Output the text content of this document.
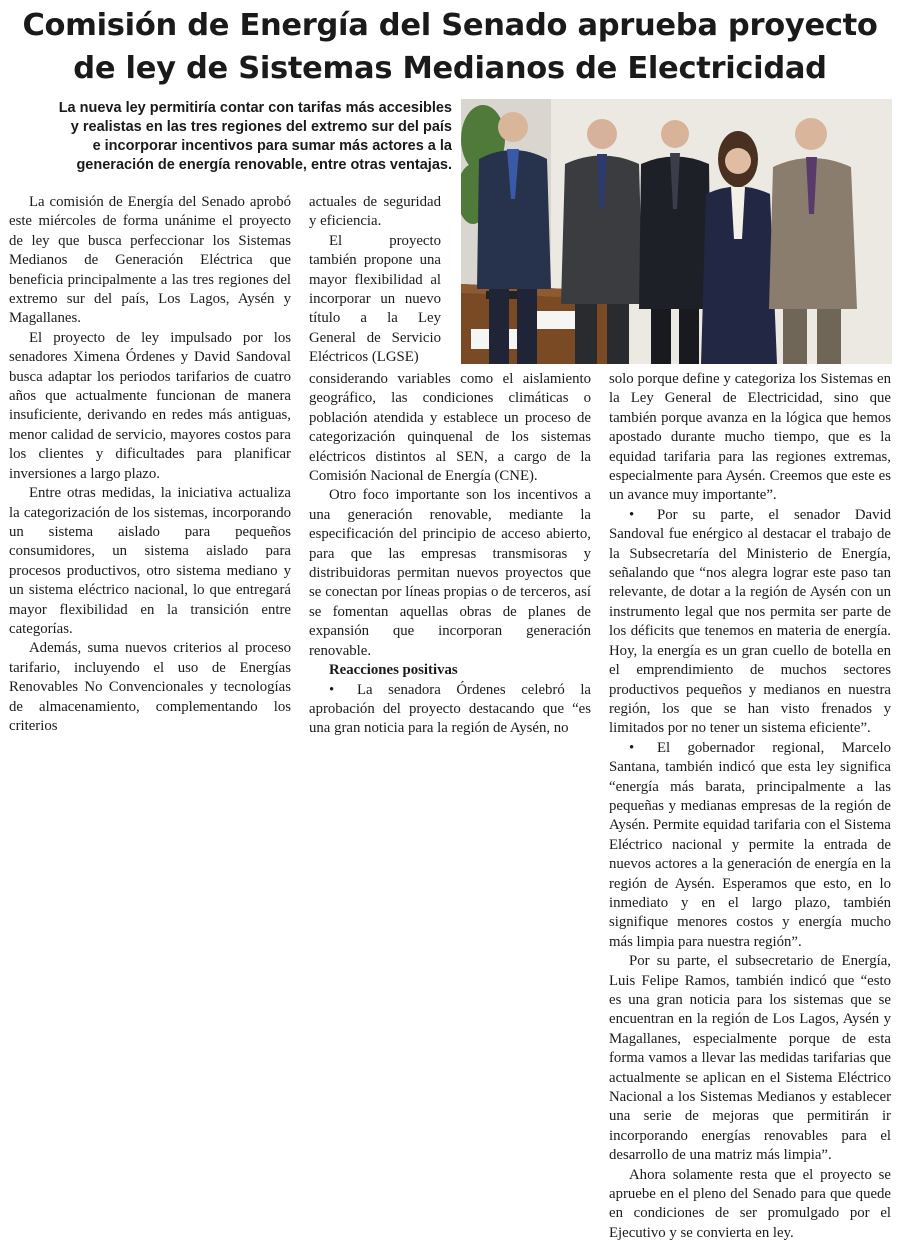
Comisión de Energía del Senado aprueba proyecto
de ley de Sistemas Medianos de Electricidad
La nueva ley permitiría contar con tarifas más accesibles
y realistas en las tres regiones del extremo sur del país
e incorporar incentivos para sumar más actores a la
generación de energía renovable, entre otras ventajas.

La comisión de Energía del Senado aprobó este miércoles de forma unánime el proyecto de ley que busca perfeccionar los Sistemas Medianos de Generación Eléctrica que beneficia principalmente a las tres regiones del extremo sur del país, Los Lagos, Aysén y Magallanes.

El proyecto de ley impulsado por los senadores Ximena Órdenes y David Sandoval busca adaptar los periodos tarifarios de cuatro años que actualmente funcionan de manera insuficiente, derivando en redes más antiguas, menor calidad de servicio, mayores costos para los clientes y dificultades para planificar inversiones a largo plazo.

Entre otras medidas, la iniciativa actualiza la categorización de los sistemas, incorporando un sistema aislado para pequeños consumidores, un sistema aislado para procesos productivos, otro sistema mediano y un sistema eléctrico nacional, lo que entregará mayor flexibilidad en la transición entre categorías.

Además, suma nuevos criterios al proceso tarifario, incluyendo el uso de Energías Renovables No Convencionales y tecnologías de almacenamiento, complementando los criterios

actuales de seguridad y eficiencia.

El proyecto también propone una mayor flexibilidad al incorporar un nuevo título a la Ley General de Servicio Eléctricos (LGSE)

considerando variables como el aislamiento geográfico, las condiciones climáticas o población atendida y establece un proceso de categorización quinquenal de los sistemas eléctricos distintos al SEN, a cargo de la Comisión Nacional de Energía (CNE).

Otro foco importante son los incentivos a una generación renovable, mediante la especificación del principio de acceso abierto, para que las empresas transmisoras y distribuidoras permitan nuevos proyectos que se conectan por líneas propias o de terceros, así se fomentan aquellas obras de planes de expansión que incorporan generación renovable.

Reacciones positivas

• La senadora Órdenes celebró la aprobación del proyecto destacando que “es una gran noticia para la región de Aysén, no

solo porque define y categoriza los Sistemas en la Ley General de Electricidad, sino que también porque avanza en la lógica que hemos apostado durante mucho tiempo, que es la equidad tarifaria para las regiones extremas, especialmente para Aysén. Creemos que este es un avance muy importante”.

• Por su parte, el senador David Sandoval fue enérgico al destacar el trabajo de la Subsecretaría del Ministerio de Energía, señalando que “nos alegra lograr este paso tan relevante, de dotar a la región de Aysén con un instrumento legal que nos permita ser parte de los déficits que tenemos en materia de energía. Hoy, la energía es un gran cuello de botella en el emprendimiento de muchos sectores productivos pequeños y medianos en nuestra región, los que se han visto frenados y limitados por no tener un sistema eficiente”.

• El gobernador regional, Marcelo Santana, también indicó que esta ley significa “energía más barata, principalmente a las pequeñas y medianas empresas de la región de Aysén. Permite equidad tarifaria con el Sistema Eléctrico nacional y permite la entrada de nuevos actores a la generación de energía en la región de Aysén. Esperamos que esto, en lo inmediato y en el largo plazo, también signifique menores costos y energía mucho más limpia para nuestra región”.

Por su parte, el subsecretario de Energía, Luis Felipe Ramos, también indicó que “esto es una gran noticia para los sistemas que se encuentran en la región de Los Lagos, Aysén y Magallanes, especialmente porque de esta forma vamos a llevar las medidas tarifarias que actualmente se aplican en el Sistema Eléctrico Nacional a los Sistemas Medianos y establecer una serie de mejoras que permitirán ir incorporando energías renovables para el desarrollo de una matriz más limpia”.

Ahora solamente resta que el proyecto se apruebe en el pleno del Senado para que quede en condiciones de ser promulgado por el Ejecutivo y se convierta en ley.
